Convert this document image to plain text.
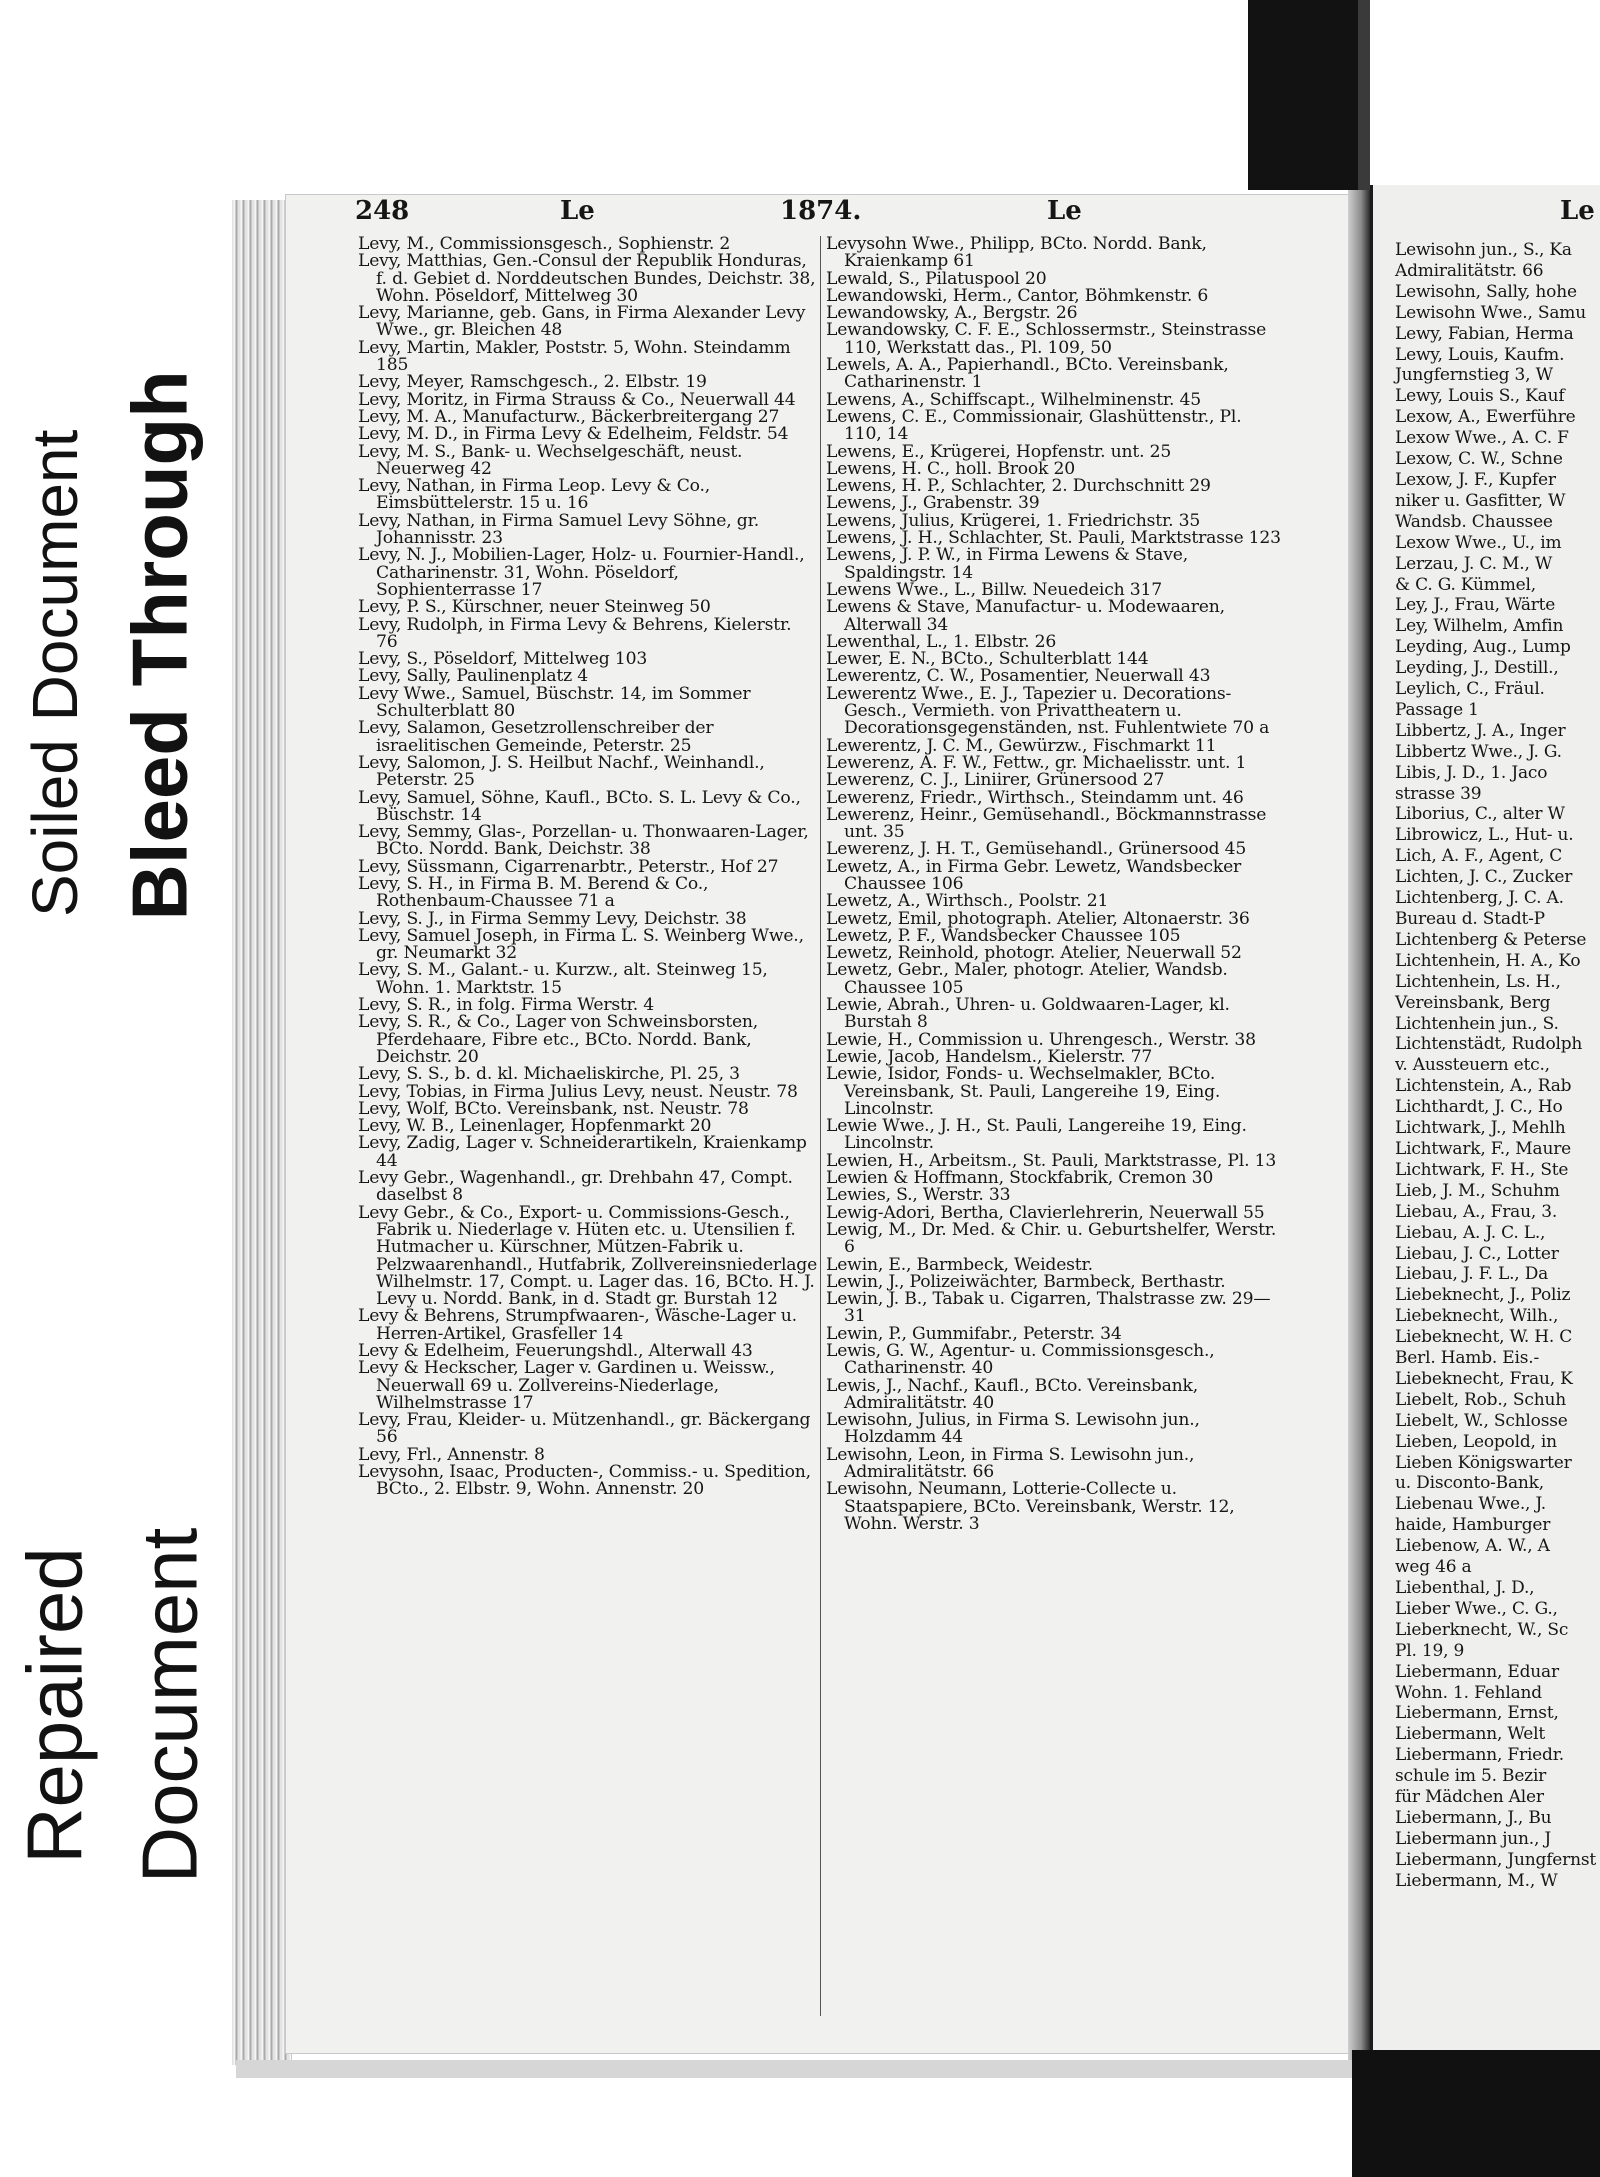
Soiled Document Bleed Through
Repaired Document

Lewisohn jun., S., Ka

Admiralitätstr. 66

Lewisohn, Sally, hohe

Lewisohn Wwe., Samu

Lewy, Fabian, Herma

Lewy, Louis, Kaufm.

Jungfernstieg 3, W

Lewy, Louis S., Kauf

Lexow, A., Ewerführe

Lexow Wwe., A. C. F

Lexow, C. W., Schne

Lexow, J. F., Kupfer

niker u. Gasfitter, W

Wandsb. Chaussee

Lexow Wwe., U., im

Lerzau, J. C. M., W

& C. G. Kümmel,

Ley, J., Frau, Wärte

Ley, Wilhelm, Amfin

Leyding, Aug., Lump

Leyding, J., Destill.,

Leylich, C., Fräul.

Passage 1

Libbertz, J. A., Inger

Libbertz Wwe., J. G.

Libis, J. D., 1. Jaco

strasse 39

Liborius, C., alter W

Librowicz, L., Hut- u.

Lich, A. F., Agent, C

Lichten, J. C., Zucker

Lichtenberg, J. C. A.

Bureau d. Stadt-P

Lichtenberg & Peterse

Lichtenhein, H. A., Ko

Lichtenhein, Ls. H.,

Vereinsbank, Berg

Lichtenhein jun., S.

Lichtenstädt, Rudolph

v. Aussteuern etc.,

Lichtenstein, A., Rab

Lichthardt, J. C., Ho

Lichtwark, J., Mehlh

Lichtwark, F., Maure

Lichtwark, F. H., Ste

Lieb, J. M., Schuhm

Liebau, A., Frau, 3.

Liebau, A. J. C. L.,

Liebau, J. C., Lotter

Liebau, J. F. L., Da

Liebeknecht, J., Poliz

Liebeknecht, Wilh.,

Liebeknecht, W. H. C

Berl. Hamb. Eis.-

Liebeknecht, Frau, K

Liebelt, Rob., Schuh

Liebelt, W., Schlosse

Lieben, Leopold, in

Lieben Königswarter

u. Disconto-Bank,

Liebenau Wwe., J.

haide, Hamburger

Liebenow, A. W., A

weg 46 a

Liebenthal, J. D.,

Lieber Wwe., C. G.,

Lieberknecht, W., Sc

Pl. 19, 9

Liebermann, Eduar

Wohn. 1. Fehland

Liebermann, Ernst,

Liebermann, Welt

Liebermann, Friedr.

schule im 5. Bezir

für Mädchen Aler

Liebermann, J., Bu

Liebermann jun., J

Liebermann, Jungfernst

Liebermann, M., W

248	Le	1874.	Le	Le

Levy, M., Commissionsgesch., Sophienstr. 2

Levy, Matthias, Gen.-Consul der Republik Honduras, f. d. Gebiet d. Norddeutschen Bundes, Deichstr. 38, Wohn. Pöseldorf, Mittelweg 30

Levy, Marianne, geb. Gans, in Firma Alexander Levy Wwe., gr. Bleichen 48

Levy, Martin, Makler, Poststr. 5, Wohn. Steindamm 185

Levy, Meyer, Ramschgesch., 2. Elbstr. 19

Levy, Moritz, in Firma Strauss & Co., Neuerwall 44

Levy, M. A., Manufacturw., Bäckerbreitergang 27

Levy, M. D., in Firma Levy & Edelheim, Feldstr. 54

Levy, M. S., Bank- u. Wechselgeschäft, neust. Neuerweg 42

Levy, Nathan, in Firma Leop. Levy & Co., Eimsbüttelerstr. 15 u. 16

Levy, Nathan, in Firma Samuel Levy Söhne, gr. Johannisstr. 23

Levy, N. J., Mobilien-Lager, Holz- u. Fournier-Handl., Catharinenstr. 31, Wohn. Pöseldorf, Sophienterrasse 17

Levy, P. S., Kürschner, neuer Steinweg 50

Levy, Rudolph, in Firma Levy & Behrens, Kielerstr. 76

Levy, S., Pöseldorf, Mittelweg 103

Levy, Sally, Paulinenplatz 4

Levy Wwe., Samuel, Büschstr. 14, im Sommer Schulterblatt 80

Levy, Salamon, Gesetzrollenschreiber der israelitischen Gemeinde, Peterstr. 25

Levy, Salomon, J. S. Heilbut Nachf., Weinhandl., Peterstr. 25

Levy, Samuel, Söhne, Kaufl., BCto. S. L. Levy & Co., Büschstr. 14

Levy, Semmy, Glas-, Porzellan- u. Thonwaaren-Lager, BCto. Nordd. Bank, Deichstr. 38

Levy, Süssmann, Cigarrenarbtr., Peterstr., Hof 27

Levy, S. H., in Firma B. M. Berend & Co., Rothenbaum-Chaussee 71 a

Levy, S. J., in Firma Semmy Levy, Deichstr. 38

Levy, Samuel Joseph, in Firma L. S. Weinberg Wwe., gr. Neumarkt 32

Levy, S. M., Galant.- u. Kurzw., alt. Steinweg 15, Wohn. 1. Marktstr. 15

Levy, S. R., in folg. Firma Werstr. 4

Levy, S. R., & Co., Lager von Schweinsborsten, Pferdehaare, Fibre etc., BCto. Nordd. Bank, Deichstr. 20

Levy, S. S., b. d. kl. Michaeliskirche, Pl. 25, 3

Levy, Tobias, in Firma Julius Levy, neust. Neustr. 78

Levy, Wolf, BCto. Vereinsbank, nst. Neustr. 78

Levy, W. B., Leinenlager, Hopfenmarkt 20

Levy, Zadig, Lager v. Schneiderartikeln, Kraienkamp 44

Levy Gebr., Wagenhandl., gr. Drehbahn 47, Compt. daselbst 8

Levy Gebr., & Co., Export- u. Commissions-Gesch., Fabrik u. Niederlage v. Hüten etc. u. Utensilien f. Hutmacher u. Kürschner, Mützen-Fabrik u. Pelzwaarenhandl., Hutfabrik, Zollvereinsniederlage Wilhelmstr. 17, Compt. u. Lager das. 16, BCto. H. J. Levy u. Nordd. Bank, in d. Stadt gr. Burstah 12

Levy & Behrens, Strumpfwaaren-, Wäsche-Lager u. Herren-Artikel, Grasfeller 14

Levy & Edelheim, Feuerungshdl., Alterwall 43

Levy & Heckscher, Lager v. Gardinen u. Weissw., Neuerwall 69 u. Zollvereins-Niederlage, Wilhelmstrasse 17

Levy, Frau, Kleider- u. Mützenhandl., gr. Bäckergang 56

Levy, Frl., Annenstr. 8

Levysohn, Isaac, Producten-, Commiss.- u. Spedition, BCto., 2. Elbstr. 9, Wohn. Annenstr. 20

Levysohn Wwe., Philipp, BCto. Nordd. Bank, Kraienkamp 61

Lewald, S., Pilatuspool 20

Lewandowski, Herm., Cantor, Böhmkenstr. 6

Lewandowsky, A., Bergstr. 26

Lewandowsky, C. F. E., Schlossermstr., Steinstrasse 110, Werkstatt das., Pl. 109, 50

Lewels, A. A., Papierhandl., BCto. Vereinsbank, Catharinenstr. 1

Lewens, A., Schiffscapt., Wilhelminenstr. 45

Lewens, C. E., Commissionair, Glashüttenstr., Pl. 110, 14

Lewens, E., Krügerei, Hopfenstr. unt. 25

Lewens, H. C., holl. Brook 20

Lewens, H. P., Schlachter, 2. Durchschnitt 29

Lewens, J., Grabenstr. 39

Lewens, Julius, Krügerei, 1. Friedrichstr. 35

Lewens, J. H., Schlachter, St. Pauli, Marktstrasse 123

Lewens, J. P. W., in Firma Lewens & Stave, Spaldingstr. 14

Lewens Wwe., L., Billw. Neuedeich 317

Lewens & Stave, Manufactur- u. Modewaaren, Alterwall 34

Lewenthal, L., 1. Elbstr. 26

Lewer, E. N., BCto., Schulterblatt 144

Lewerentz, C. W., Posamentier, Neuerwall 43

Lewerentz Wwe., E. J., Tapezier u. Decorations-Gesch., Vermieth. von Privattheatern u. Decorationsgegenständen, nst. Fuhlentwiete 70 a

Lewerentz, J. C. M., Gewürzw., Fischmarkt 11

Lewerenz, A. F. W., Fettw., gr. Michaelisstr. unt. 1

Lewerenz, C. J., Liniirer, Grünersood 27

Lewerenz, Friedr., Wirthsch., Steindamm unt. 46

Lewerenz, Heinr., Gemüsehandl., Böckmannstrasse unt. 35

Lewerenz, J. H. T., Gemüsehandl., Grünersood 45

Lewetz, A., in Firma Gebr. Lewetz, Wandsbecker Chaussee 106

Lewetz, A., Wirthsch., Poolstr. 21

Lewetz, Emil, photograph. Atelier, Altonaerstr. 36

Lewetz, P. F., Wandsbecker Chaussee 105

Lewetz, Reinhold, photogr. Atelier, Neuerwall 52

Lewetz, Gebr., Maler, photogr. Atelier, Wandsb. Chaussee 105

Lewie, Abrah., Uhren- u. Goldwaaren-Lager, kl. Burstah 8

Lewie, H., Commission u. Uhrengesch., Werstr. 38

Lewie, Jacob, Handelsm., Kielerstr. 77

Lewie, Isidor, Fonds- u. Wechselmakler, BCto. Vereinsbank, St. Pauli, Langereihe 19, Eing. Lincolnstr.

Lewie Wwe., J. H., St. Pauli, Langereihe 19, Eing. Lincolnstr.

Lewien, H., Arbeitsm., St. Pauli, Marktstrasse, Pl. 13

Lewien & Hoffmann, Stockfabrik, Cremon 30

Lewies, S., Werstr. 33

Lewig-Adori, Bertha, Clavierlehrerin, Neuerwall 55

Lewig, M., Dr. Med. & Chir. u. Geburtshelfer, Werstr. 6

Lewin, E., Barmbeck, Weidestr.

Lewin, J., Polizeiwächter, Barmbeck, Berthastr.

Lewin, J. B., Tabak u. Cigarren, Thalstrasse zw. 29—31

Lewin, P., Gummifabr., Peterstr. 34

Lewis, G. W., Agentur- u. Commissionsgesch., Catharinenstr. 40

Lewis, J., Nachf., Kaufl., BCto. Vereinsbank, Admiralitätstr. 40

Lewisohn, Julius, in Firma S. Lewisohn jun., Holzdamm 44

Lewisohn, Leon, in Firma S. Lewisohn jun., Admiralitätstr. 66

Lewisohn, Neumann, Lotterie-Collecte u. Staatspapiere, BCto. Vereinsbank, Werstr. 12, Wohn. Werstr. 3
